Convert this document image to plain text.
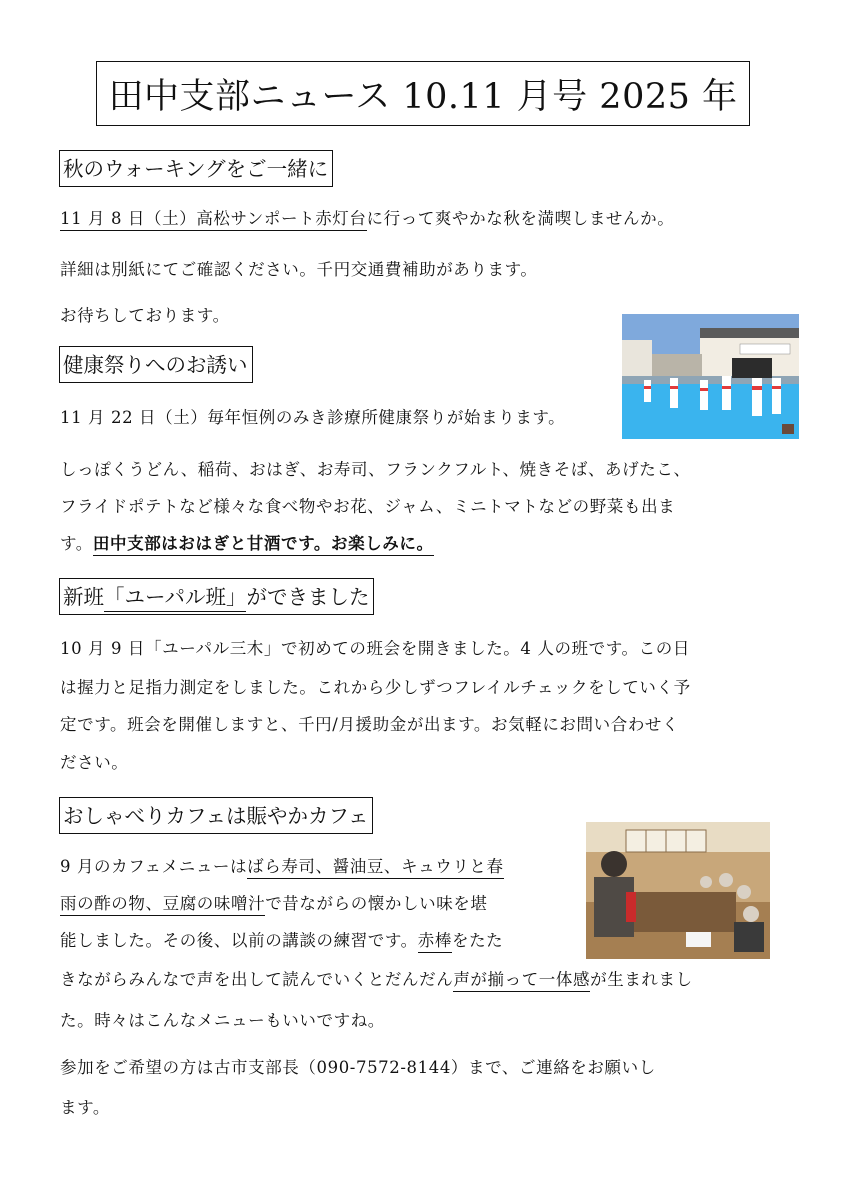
田中支部ニュース 10.11 月号 2025 年
秋のウォーキングをご一緒に
11 月 8 日（土）高松サンポート赤灯台に行って爽やかな秋を満喫しませんか。
詳細は別紙にてご確認ください。千円交通費補助があります。
お待ちしております。
健康祭りへのお誘い
11 月 22 日（土）毎年恒例のみき診療所健康祭りが始まります。
しっぽくうどん、稲荷、おはぎ、お寿司、フランクフルト、焼きそば、あげたこ、
フライドポテトなど様々な食べ物やお花、ジャム、ミニトマトなどの野菜も出ま
す。田中支部はおはぎと甘酒です。お楽しみに。
新班「ユーパル班」ができました
10 月 9 日「ユーパル三木」で初めての班会を開きました。4 人の班です。この日
は握力と足指力測定をしました。これから少しずつフレイルチェックをしていく予
定です。班会を開催しますと、千円/月援助金が出ます。お気軽にお問い合わせく
ださい。
おしゃべりカフェは賑やかカフェ
9 月のカフェメニューはばら寿司、醤油豆、キュウリと春
雨の酢の物、豆腐の味噌汁で昔ながらの懐かしい味を堪
能しました。その後、以前の講談の練習です。赤棒をたた
きながらみんなで声を出して読んでいくとだんだん声が揃って一体感が生まれまし
た。時々はこんなメニューもいいですね。
参加をご希望の方は古市支部長（090-7572-8144）まで、ご連絡をお願いし
ます。
